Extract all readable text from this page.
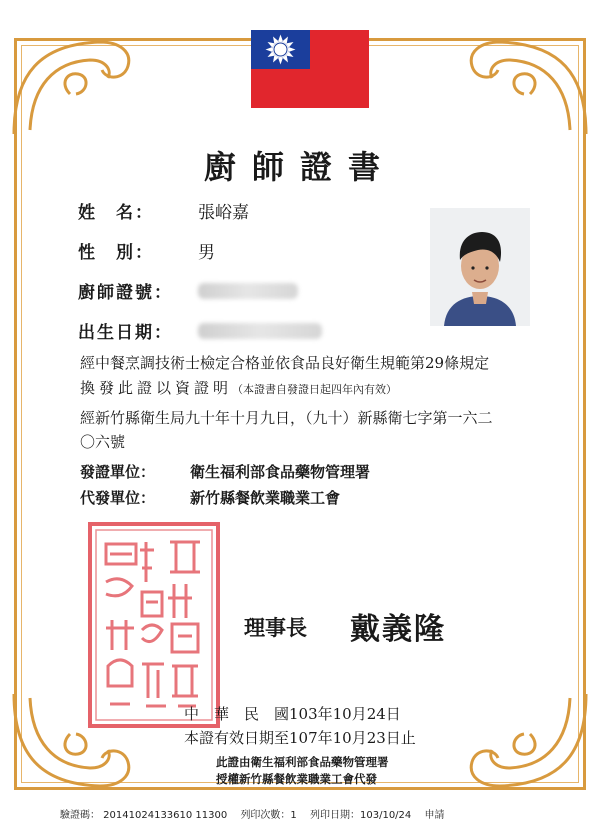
廚師證書
姓　名：	張峪嘉
性　別：	男
廚師證號：
出生日期：
經中餐烹調技術士檢定合格並依食品良好衛生規範第29條規定
換發此證以資證明（本證書自發證日起四年內有效）
經新竹縣衛生局九十年十月九日，（九十）新縣衛七字第一六二
〇六號
發證單位： 衛生福利部食品藥物管理署
代發單位： 新竹縣餐飲業職業工會
理事長 戴義隆
中　華　民　國103年10月24日
本證有效日期至107年10月23日止
此證由衛生福利部食品藥物管理署
授權新竹縣餐飲業職業工會代發
驗證碼： 20141024133610 11300 列印次數：1 列印日期：103/10/24 申請
